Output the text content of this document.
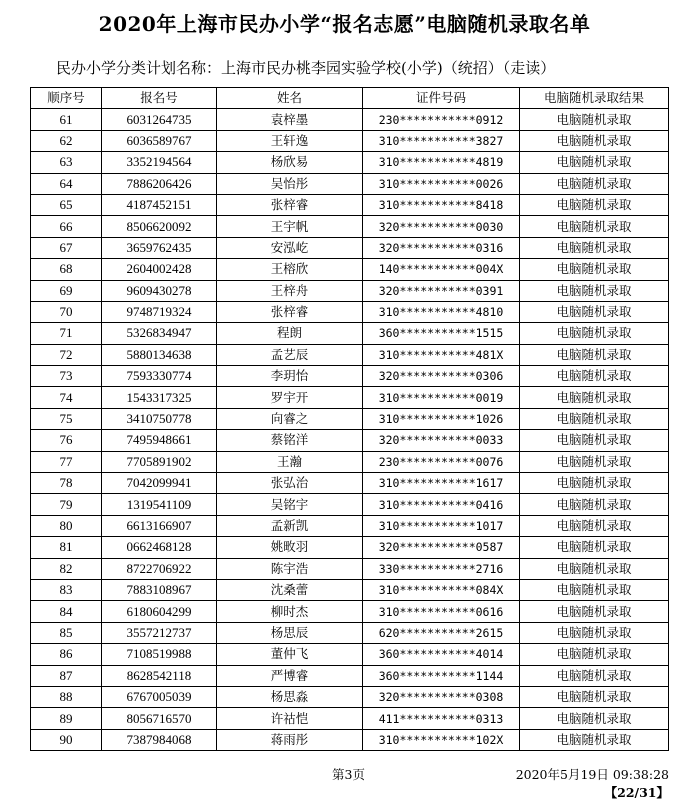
2020年上海市民办小学“报名志愿”电脑随机录取名单
民办小学分类计划名称：上海市民办桃李园实验学校(小学)（统招）（走读）
顺序号	报名号	姓名	证件号码	电脑随机录取结果
61	6031264735	袁梓墨	230***********0912	电脑随机录取
62	6036589767	王轩逸	310***********3827	电脑随机录取
63	3352194564	杨欣易	310***********4819	电脑随机录取
64	7886206426	吴怡彤	310***********0026	电脑随机录取
65	4187452151	张梓睿	310***********8418	电脑随机录取
66	8506620092	王宇帆	320***********0030	电脑随机录取
67	3659762435	安泓屹	320***********0316	电脑随机录取
68	2604002428	王榕欣	140***********004X	电脑随机录取
69	9609430278	王梓舟	320***********0391	电脑随机录取
70	9748719324	张梓睿	310***********4810	电脑随机录取
71	5326834947	程朗	360***********1515	电脑随机录取
72	5880134638	孟艺辰	310***********481X	电脑随机录取
73	7593330774	李玥怡	320***********0306	电脑随机录取
74	1543317325	罗宇开	310***********0019	电脑随机录取
75	3410750778	向睿之	310***********1026	电脑随机录取
76	7495948661	蔡铭洋	320***********0033	电脑随机录取
77	7705891902	王瀚	230***********0076	电脑随机录取
78	7042099941	张弘治	310***********1617	电脑随机录取
79	1319541109	吴铭宇	310***********0416	电脑随机录取
80	6613166907	孟新凯	310***********1017	电脑随机录取
81	0662468128	姚畋羽	320***********0587	电脑随机录取
82	8722706922	陈宇浩	330***********2716	电脑随机录取
83	7883108967	沈桑蕾	310***********084X	电脑随机录取
84	6180604299	柳时杰	310***********0616	电脑随机录取
85	3557212737	杨思辰	620***********2615	电脑随机录取
86	7108519988	董仲飞	360***********4014	电脑随机录取
87	8628542118	严博睿	360***********1144	电脑随机录取
88	6767005039	杨思淼	320***********0308	电脑随机录取
89	8056716570	许祜恺	411***********0313	电脑随机录取
90	7387984068	蒋雨彤	310***********102X	电脑随机录取
第3页	2020年5月19日 09:38:28
【22/31】
